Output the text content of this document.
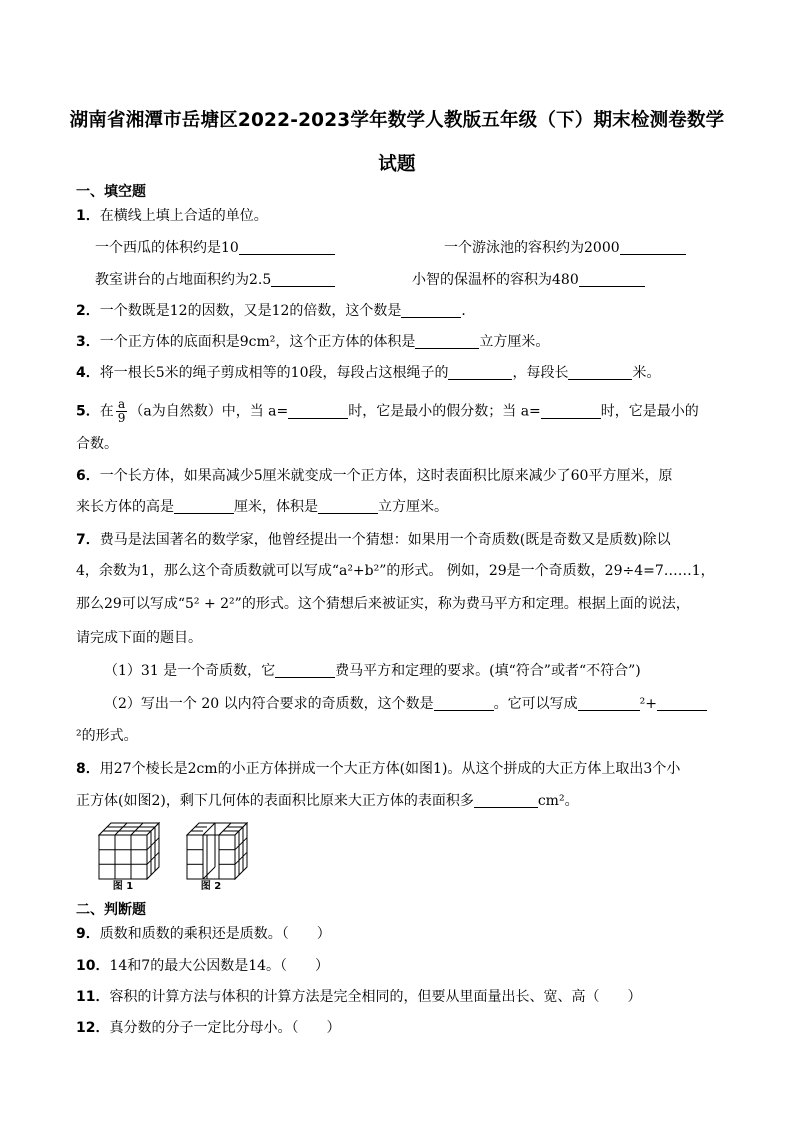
湖南省湘潭市岳塘区2022-2023学年数学人教版五年级（下）期末检测卷数学
试题
一、填空题
1．在横线上填上合适的单位。
一个西瓜的体积约是10	一个游泳池的容积约为2000
教室讲台的占地面积约为2.5	小智的保温杯的容积为480
2．一个数既是12的因数，又是12的倍数，这个数是	．
3．一个正方体的底面积是9cm²，这个正方体的体积是	立方厘米。
4．将一根长5米的绳子剪成相等的10段，每段占这根绳子的	，每段长	米。
5．在 $\frac{a}{9} (a$为自然数）中，当 a=	时，它是最小的假分数；当 a=	时，它是最小的
合数。
6．一个长方体，如果高减少5厘米就变成一个正方体，这时表面积比原来减少了60平方厘米，原
来长方体的高是	厘米，体积是	立方厘米。
7．费马是法国著名的数学家，他曾经提出一个猜想：如果用一个奇质数(既是奇数又是质数)除以
4，余数为1，那么这个奇质数就可以写成“a²+b²”的形式。 例如，29是一个奇质数，29÷4=7……1，
那么29可以写成“5² + 2²”的形式。这个猜想后来被证实，称为费马平方和定理。根据上面的说法，
请完成下面的题目。
（1）31 是一个奇质数，它	费马平方和定理的要求。(填“符合”或者“不符合”)
（2）写出一个 20 以内符合要求的奇质数，这个数是	。它可以写成	²+
²的形式。
8．用27个棱长是2cm的小正方体拼成一个大正方体(如图1)。从这个拼成的大正方体上取出3个小
正方体(如图2)，剩下几何体的表面积比原来大正方体的表面积多	cm²。
图 1	图 2
二、判断题
9．质数和质数的乘积还是质数。（　　）
10．14和7的最大公因数是14。（　　）
11．容积的计算方法与体积的计算方法是完全相同的，但要从里面量出长、宽、高（　　）
12．真分数的分子一定比分母小。（　　）
